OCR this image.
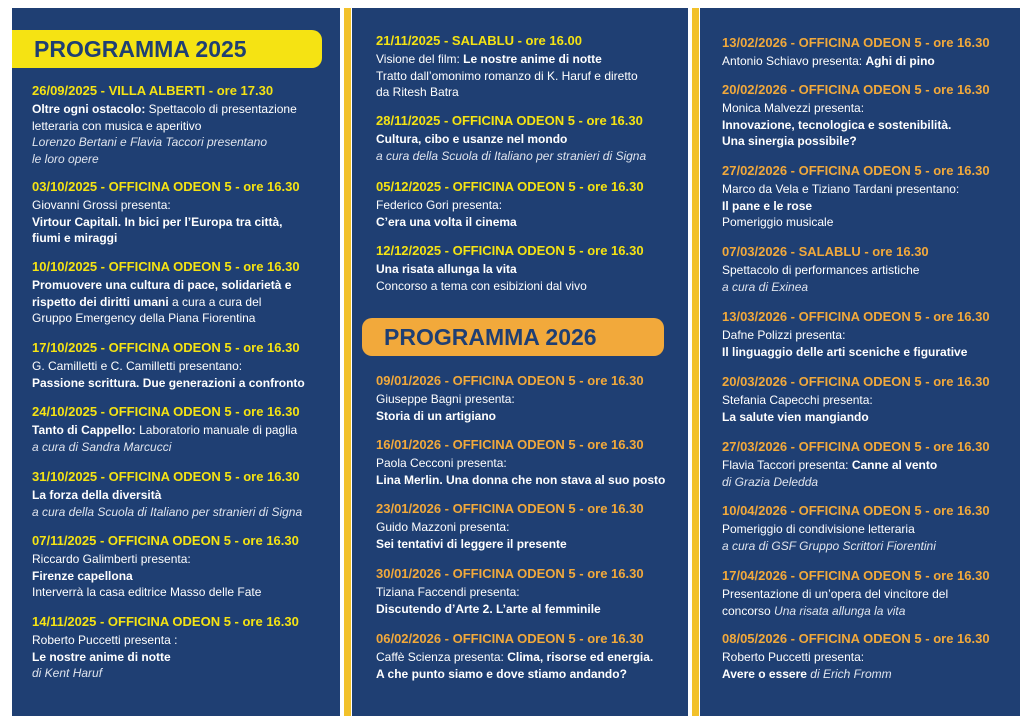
PROGRAMMA 2025
PROGRAMMA 2026
26/09/2025 - VILLA ALBERTI - ore 17.30
Oltre ogni ostacolo: Spettacolo di presentazione
letteraria con musica e aperitivo
Lorenzo Bertani e Flavia Taccori presentano
le loro opere
03/10/2025 - OFFICINA ODEON 5 - ore 16.30
Giovanni Grossi presenta:
Virtour Capitali. In bici per l’Europa tra città,
fiumi e miraggi
10/10/2025 - OFFICINA ODEON 5 - ore 16.30
Promuovere una cultura di pace, solidarietà e
rispetto dei diritti umani a cura a cura del
Gruppo Emergency della Piana Fiorentina
17/10/2025 - OFFICINA ODEON 5 - ore 16.30
G. Camilletti e C. Camilletti presentano:
Passione scrittura. Due generazioni a confronto
24/10/2025 - OFFICINA ODEON 5 - ore 16.30
Tanto di Cappello: Laboratorio manuale di paglia
a cura di Sandra Marcucci
31/10/2025 - OFFICINA ODEON 5 - ore 16.30
La forza della diversità
a cura della Scuola di Italiano per stranieri di Signa
07/11/2025 - OFFICINA ODEON 5 - ore 16.30
Riccardo Galimberti presenta:
Firenze capellona
Interverrà la casa editrice Masso delle Fate
14/11/2025 - OFFICINA ODEON 5 - ore 16.30
Roberto Puccetti presenta :
Le nostre anime di notte
di Kent Haruf
21/11/2025 - SALABLU - ore 16.00
Visione del film: Le nostre anime di notte
Tratto dall’omonimo romanzo di K. Haruf e diretto
da Ritesh Batra
28/11/2025 - OFFICINA ODEON 5 - ore 16.30
Cultura, cibo e usanze nel mondo
a cura della Scuola di Italiano per stranieri di Signa
05/12/2025 - OFFICINA ODEON 5 - ore 16.30
Federico Gori presenta:
C’era una volta il cinema
12/12/2025 - OFFICINA ODEON 5 - ore 16.30
Una risata allunga la vita
Concorso a tema con esibizioni dal vivo
09/01/2026 - OFFICINA ODEON 5 - ore 16.30
Giuseppe Bagni presenta:
Storia di un artigiano
16/01/2026 - OFFICINA ODEON 5 - ore 16.30
Paola Cecconi presenta:
Lina Merlin. Una donna che non stava al suo posto
23/01/2026 - OFFICINA ODEON 5 - ore 16.30
Guido Mazzoni presenta:
Sei tentativi di leggere il presente
30/01/2026 - OFFICINA ODEON 5 - ore 16.30
Tiziana Faccendi presenta:
Discutendo d’Arte 2. L’arte al femminile
06/02/2026 - OFFICINA ODEON 5 - ore 16.30
Caffè Scienza presenta: Clima, risorse ed energia.
A che punto siamo e dove stiamo andando?
13/02/2026 - OFFICINA ODEON 5 - ore 16.30
Antonio Schiavo presenta: Aghi di pino
20/02/2026 - OFFICINA ODEON 5 - ore 16.30
Monica Malvezzi presenta:
Innovazione, tecnologica e sostenibilità.
Una sinergia possibile?
27/02/2026 - OFFICINA ODEON 5 - ore 16.30
Marco da Vela e Tiziano Tardani presentano:
Il pane e le rose
Pomeriggio musicale
07/03/2026 - SALABLU - ore 16.30
Spettacolo di performances artistiche
a cura di Exinea
13/03/2026 - OFFICINA ODEON 5 - ore 16.30
Dafne Polizzi presenta:
Il linguaggio delle arti sceniche e figurative
20/03/2026 - OFFICINA ODEON 5 - ore 16.30
Stefania Capecchi presenta:
La salute vien mangiando
27/03/2026 - OFFICINA ODEON 5 - ore 16.30
Flavia Taccori presenta: Canne al vento
di Grazia Deledda
10/04/2026 - OFFICINA ODEON 5 - ore 16.30
Pomeriggio di condivisione letteraria
a cura di GSF Gruppo Scrittori Fiorentini
17/04/2026 - OFFICINA ODEON 5 - ore 16.30
Presentazione di un’opera del vincitore del
concorso Una risata allunga la vita
08/05/2026 - OFFICINA ODEON 5 - ore 16.30
Roberto Puccetti presenta:
Avere o essere di Erich Fromm
